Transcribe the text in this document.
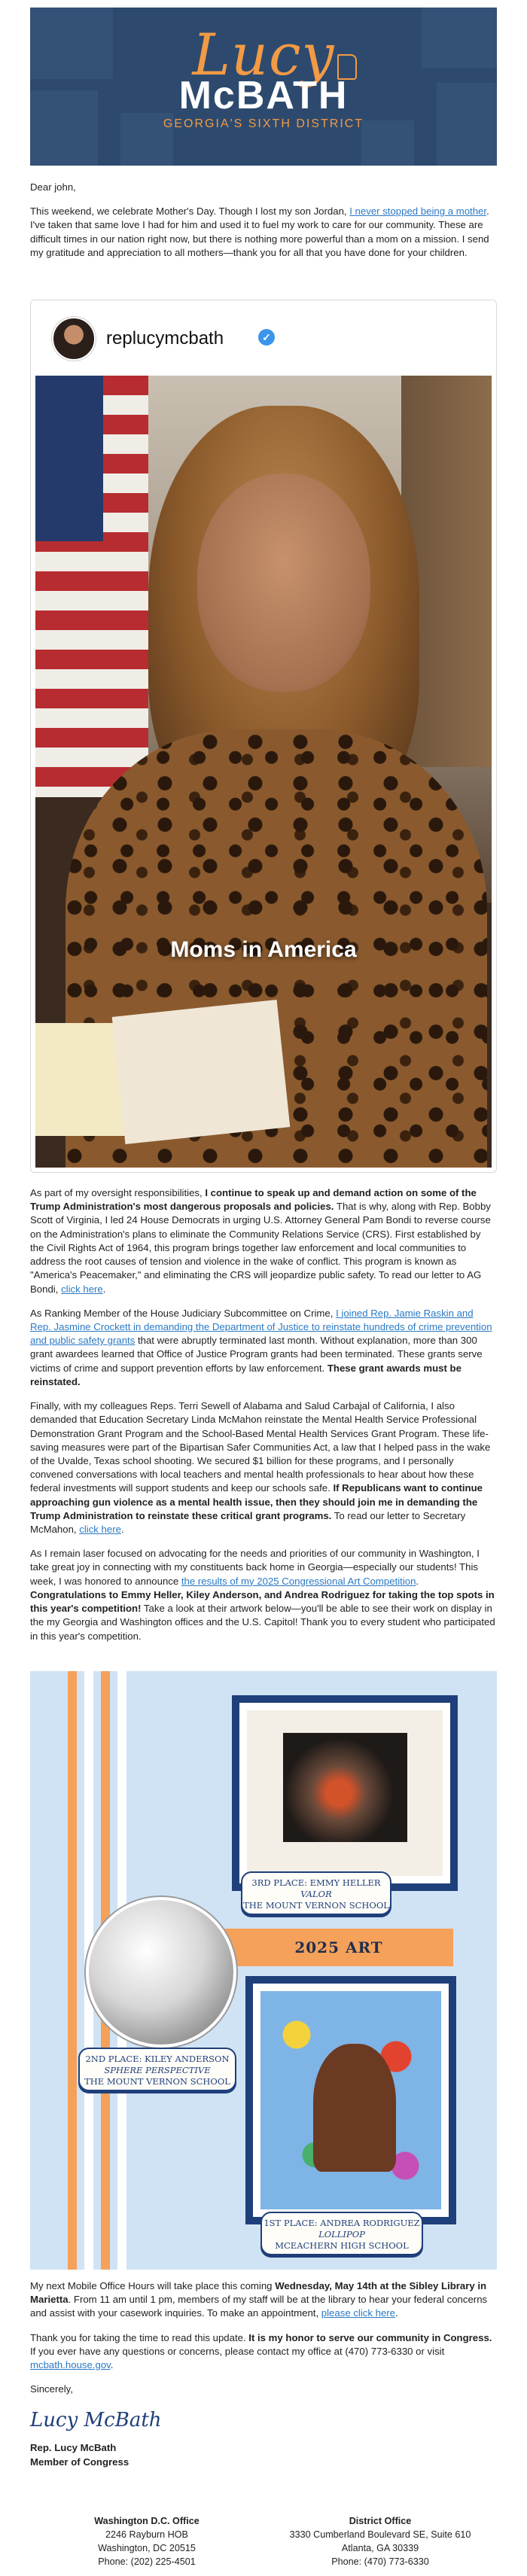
Lucy
McBATH
GEORGIA'S SIXTH DISTRICT

Dear john,

This weekend, we celebrate Mother's Day. Though I lost my son Jordan, I never stopped being a mother. I've taken that same love I had for him and used it to fuel my work to care for our community. These are difficult times in our nation right now, but there is nothing more powerful than a mom on a mission. I send my gratitude and appreciation to all mothers—thank you for all that you have done for your children.

replucymcbath	✓
Moms in America

As part of my oversight responsibilities, I continue to speak up and demand action on some of the Trump Administration's most dangerous proposals and policies. That is why, along with Rep. Bobby Scott of Virginia, I led 24 House Democrats in urging U.S. Attorney General Pam Bondi to reverse course on the Administration's plans to eliminate the Community Relations Service (CRS). First established by the Civil Rights Act of 1964, this program brings together law enforcement and local communities to address the root causes of tension and violence in the wake of conflict. This program is known as "America's Peacemaker," and eliminating the CRS will jeopardize public safety. To read our letter to AG Bondi, click here.

As Ranking Member of the House Judiciary Subcommittee on Crime, I joined Rep. Jamie Raskin and Rep. Jasmine Crockett in demanding the Department of Justice to reinstate hundreds of crime prevention and public safety grants that were abruptly terminated last month. Without explanation, more than 300 grant awardees learned that Office of Justice Program grants had been terminated. These grants serve victims of crime and support prevention efforts by law enforcement. These grant awards must be reinstated.

Finally, with my colleagues Reps. Terri Sewell of Alabama and Salud Carbajal of California, I also demanded that Education Secretary Linda McMahon reinstate the Mental Health Service Professional Demonstration Grant Program and the School-Based Mental Health Services Grant Program. These life-saving measures were part of the Bipartisan Safer Communities Act, a law that I helped pass in the wake of the Uvalde, Texas school shooting. We secured $1 billion for these programs, and I personally convened conversations with local teachers and mental health professionals to hear about how these federal investments will support students and keep our schools safe. If Republicans want to continue approaching gun violence as a mental health issue, then they should join me in demanding the Trump Administration to reinstate these critical grant programs. To read our letter to Secretary McMahon, click here.

As I remain laser focused on advocating for the needs and priorities of our community in Washington, I take great joy in connecting with my constituents back home in Georgia—especially our students! This week, I was honored to announce the results of my 2025 Congressional Art Competition. Congratulations to Emmy Heller, Kiley Anderson, and Andrea Rodriguez for taking the top spots in this year's competition! Take a look at their artwork below—you'll be able to see their work on display in the my Georgia and Washington offices and the U.S. Capitol! Thank you to every student who participated in this year's competition.

3RD PLACE: EMMY HELLER
VALOR
THE MOUNT VERNON SCHOOL
2025 ART
2ND PLACE: KILEY ANDERSON
SPHERE PERSPECTIVE
THE MOUNT VERNON SCHOOL
1ST PLACE: ANDREA RODRIGUEZ
LOLLIPOP
MCEACHERN HIGH SCHOOL

My next Mobile Office Hours will take place this coming Wednesday, May 14th at the Sibley Library in Marietta. From 11 am until 1 pm, members of my staff will be at the library to hear your federal concerns and assist with your casework inquiries. To make an appointment, please click here.

Thank you for taking the time to read this update. It is my honor to serve our community in Congress. If you ever have any questions or concerns, please contact my office at (470) 773-6330 or visit mcbath.house.gov.

Sincerely,

Lucy McBath
Rep. Lucy McBath
Member of Congress
Washington D.C. Office
2246 Rayburn HOB
Washington, DC 20515
Phone: (202) 225-4501
District Office
3330 Cumberland Boulevard SE, Suite 610
Atlanta, GA 30339
Phone: (470) 773-6330
